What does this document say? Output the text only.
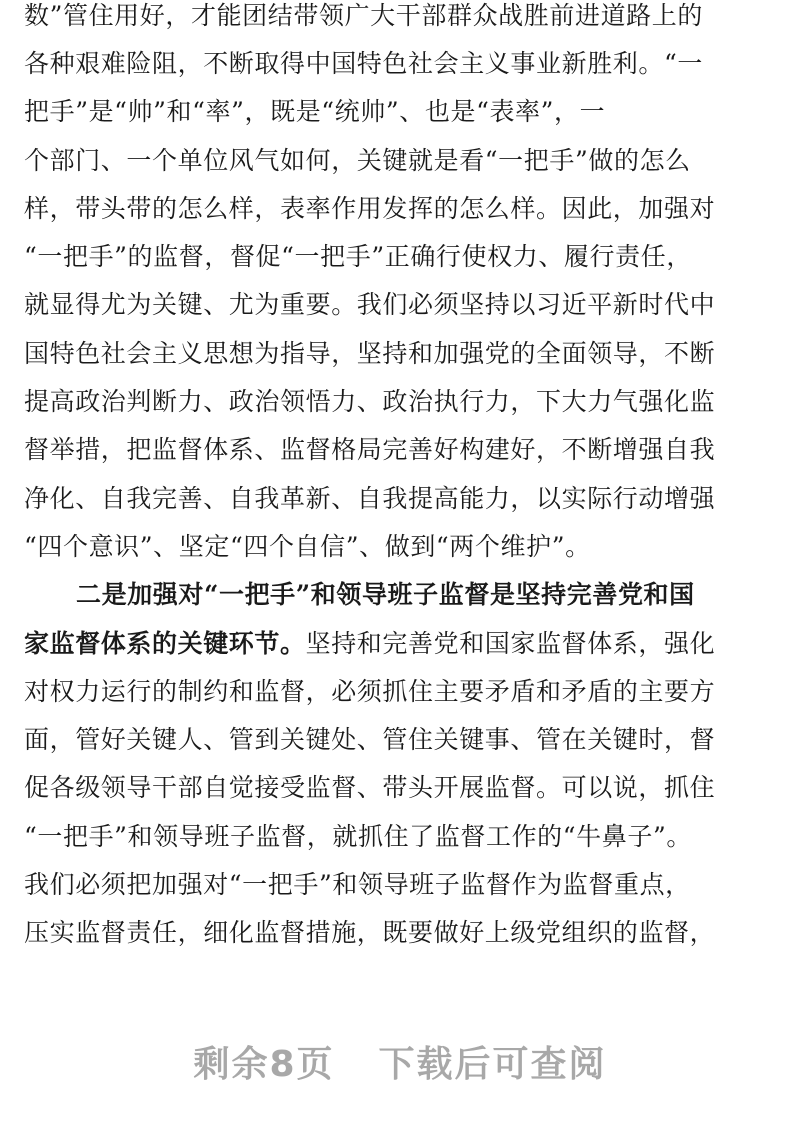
数”管住用好，才能团结带领广大干部群众战胜前进道路上的
各种艰难险阻，不断取得中国特色社会主义事业新胜利。“一
把手”是“帅”和“率”，既是“统帅”、也是“表率”，一
个部门、一个单位风气如何，关键就是看“一把手”做的怎么
样，带头带的怎么样，表率作用发挥的怎么样。因此，加强对
“一把手”的监督，督促“一把手”正确行使权力、履行责任，
就显得尤为关键、尤为重要。我们必须坚持以习近平新时代中
国特色社会主义思想为指导，坚持和加强党的全面领导，不断
提高政治判断力、政治领悟力、政治执行力，下大力气强化监
督举措，把监督体系、监督格局完善好构建好，不断增强自我
净化、自我完善、自我革新、自我提高能力，以实际行动增强
“四个意识”、坚定“四个自信”、做到“两个维护”。
二是加强对“一把手”和领导班子监督是坚持完善党和国
家监督体系的关键环节。坚持和完善党和国家监督体系，强化
对权力运行的制约和监督，必须抓住主要矛盾和矛盾的主要方
面，管好关键人、管到关键处、管住关键事、管在关键时，督
促各级领导干部自觉接受监督、带头开展监督。可以说，抓住
“一把手”和领导班子监督，就抓住了监督工作的“牛鼻子”。
我们必须把加强对“一把手”和领导班子监督作为监督重点，
压实监督责任，细化监督措施，既要做好上级党组织的监督，
剩余8页 下载后可查阅
